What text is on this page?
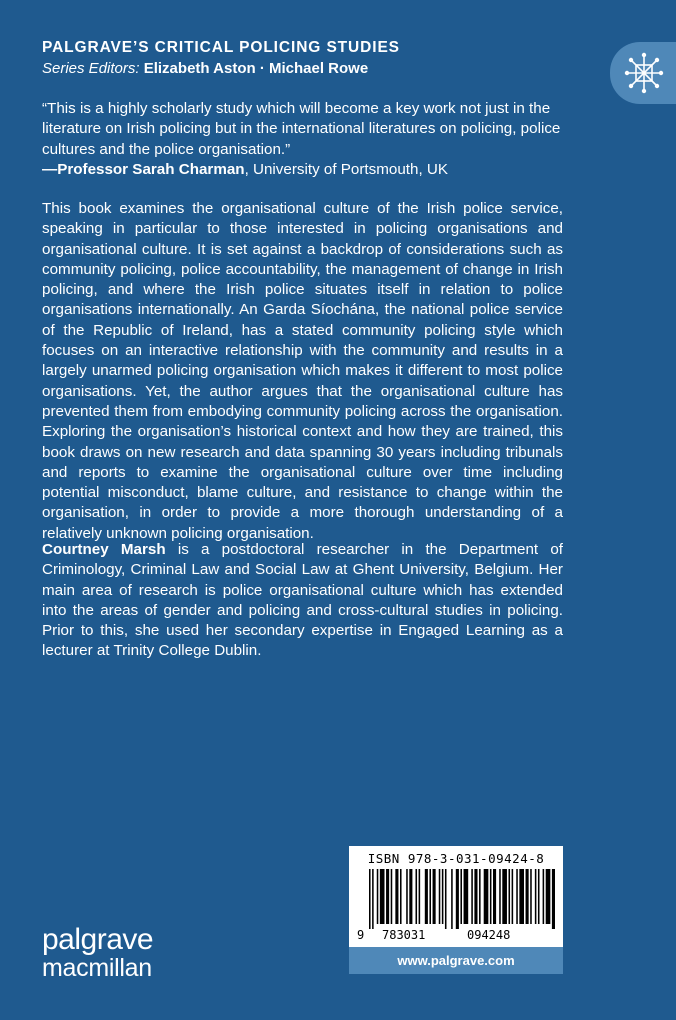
PALGRAVE’S CRITICAL POLICING STUDIES
Series Editors: Elizabeth Aston · Michael Rowe
“This is a highly scholarly study which will become a key work not just in the literature on Irish policing but in the international literatures on policing, police cultures and the police organisation.”
—Professor Sarah Charman, University of Portsmouth, UK
This book examines the organisational culture of the Irish police service, speaking in particular to those interested in policing organisations and organisational culture. It is set against a backdrop of considerations such as community policing, police accountability, the management of change in Irish policing, and where the Irish police situates itself in relation to police organisations internationally. An Garda Síochána, the national police service of the Republic of Ireland, has a stated community policing style which focuses on an interactive relationship with the community and results in a largely unarmed policing organisation which makes it different to most police organisations. Yet, the author argues that the organisational culture has prevented them from embodying community policing across the organisation. Exploring the organisation’s historical context and how they are trained, this book draws on new research and data spanning 30 years including tribunals and reports to examine the organisational culture over time including potential misconduct, blame culture, and resistance to change within the organisation, in order to provide a more thorough understanding of a relatively unknown policing organisation.
Courtney Marsh is a postdoctoral researcher in the Department of Criminology, Criminal Law and Social Law at Ghent University, Belgium. Her main area of research is police organisational culture which has extended into the areas of gender and policing and cross-cultural studies in policing. Prior to this, she used her secondary expertise in Engaged Learning as a lecturer at Trinity College Dublin.
palgrave
macmillan
ISBN 978-3-031-09424-8
9 783031	094248
www.palgrave.com
